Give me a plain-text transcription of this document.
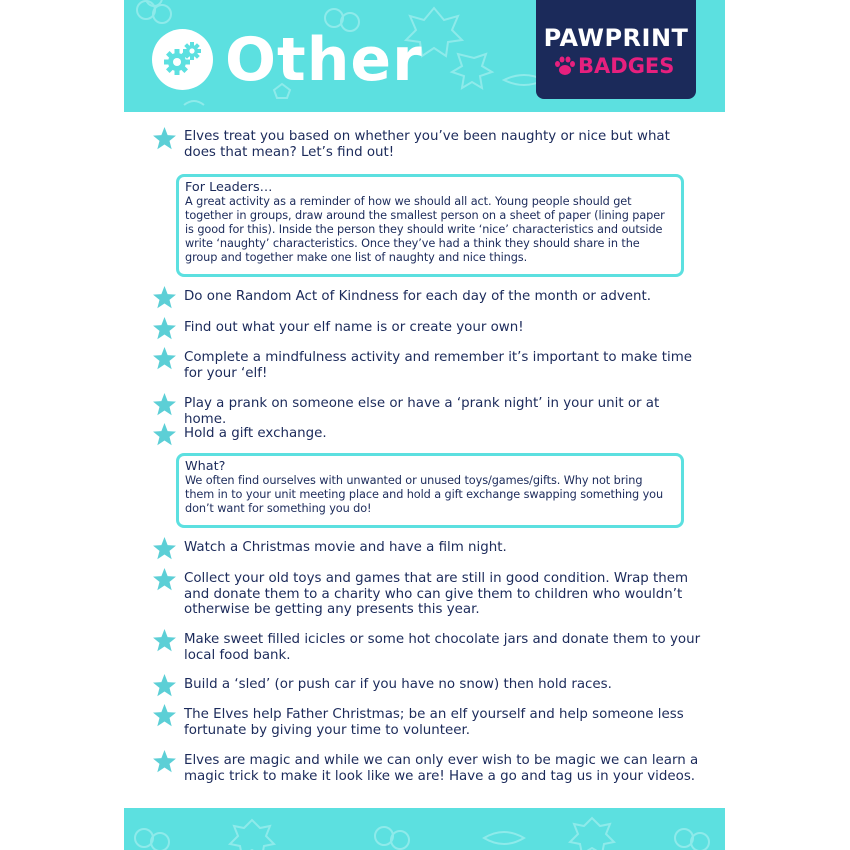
Other	PAWPRINT
BADGES
Elves treat you based on whether you’ve been naughty or nice but what does that mean? Let’s find out!
For Leaders…
A great activity as a reminder of how we should all act. Young people should get together in groups, draw around the smallest person on a sheet of paper (lining paper is good for this). Inside the person they should write ‘nice’ characteristics and outside write ‘naughty’ characteristics. Once they’ve had a think they should share in the group and together make one list of naughty and nice things.
Do one Random Act of Kindness for each day of the month or advent.
Find out what your elf name is or create your own!
Complete a mindfulness activity and remember it’s important to make time for your ‘elf!
Play a prank on someone else or have a ‘prank night’ in your unit or at home.
Hold a gift exchange.
What?
We often find ourselves with unwanted or unused toys/games/gifts. Why not bring them in to your unit meeting place and hold a gift exchange swapping something you don’t want for something you do!
Watch a Christmas movie and have a film night.
Collect your old toys and games that are still in good condition. Wrap them and donate them to a charity who can give them to children who wouldn’t otherwise be getting any presents this year.
Make sweet filled icicles or some hot chocolate jars and donate them to your local food bank.
Build a ‘sled’ (or push car if you have no snow) then hold races.
The Elves help Father Christmas; be an elf yourself and help someone less fortunate by giving your time to volunteer.
Elves are magic and while we can only ever wish to be magic we can learn a magic trick to make it look like we are! Have a go and tag us in your videos.
